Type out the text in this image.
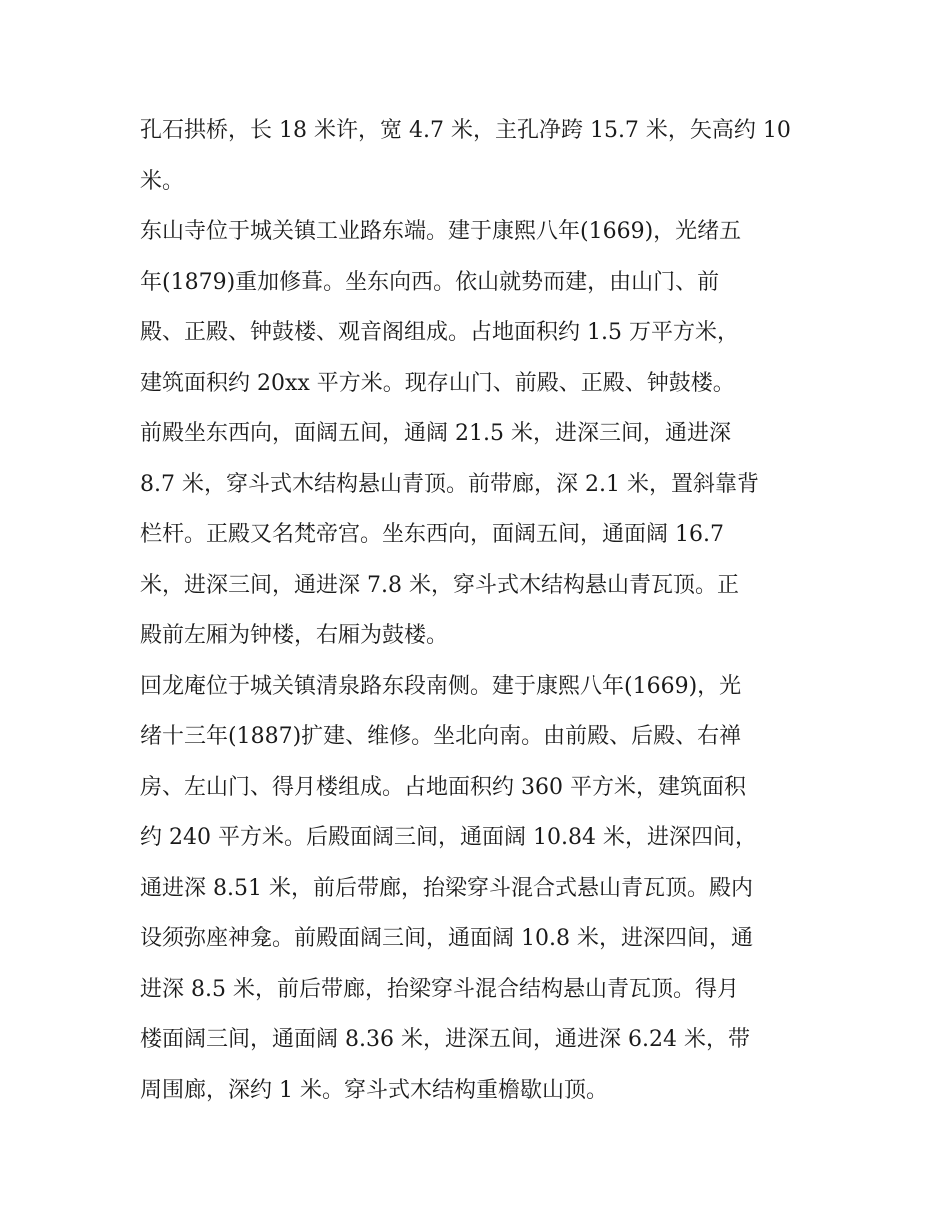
孔石拱桥，长 18 米许，宽 4.7 米，主孔净跨 15.7 米，矢高约 10
米。
东山寺位于城关镇工业路东端。建于康熙八年(1669)，光绪五
年(1879)重加修葺。坐东向西。依山就势而建，由山门、前
殿、正殿、钟鼓楼、观音阁组成。占地面积约 1.5 万平方米，
建筑面积约 20xx 平方米。现存山门、前殿、正殿、钟鼓楼。
前殿坐东西向，面阔五间，通阔 21.5 米，进深三间，通进深
8.7 米，穿斗式木结构悬山青顶。前带廊，深 2.1 米，置斜靠背
栏杆。正殿又名梵帝宫。坐东西向，面阔五间，通面阔 16.7
米，进深三间，通进深 7.8 米，穿斗式木结构悬山青瓦顶。正
殿前左厢为钟楼，右厢为鼓楼。
回龙庵位于城关镇清泉路东段南侧。建于康熙八年(1669)，光
绪十三年(1887)扩建、维修。坐北向南。由前殿、后殿、右禅
房、左山门、得月楼组成。占地面积约 360 平方米，建筑面积
约 240 平方米。后殿面阔三间，通面阔 10.84 米，进深四间，
通进深 8.51 米，前后带廊，抬梁穿斗混合式悬山青瓦顶。殿内
设须弥座神龛。前殿面阔三间，通面阔 10.8 米，进深四间，通
进深 8.5 米，前后带廊，抬梁穿斗混合结构悬山青瓦顶。得月
楼面阔三间，通面阔 8.36 米，进深五间，通进深 6.24 米，带
周围廊，深约 1 米。穿斗式木结构重檐歇山顶。
